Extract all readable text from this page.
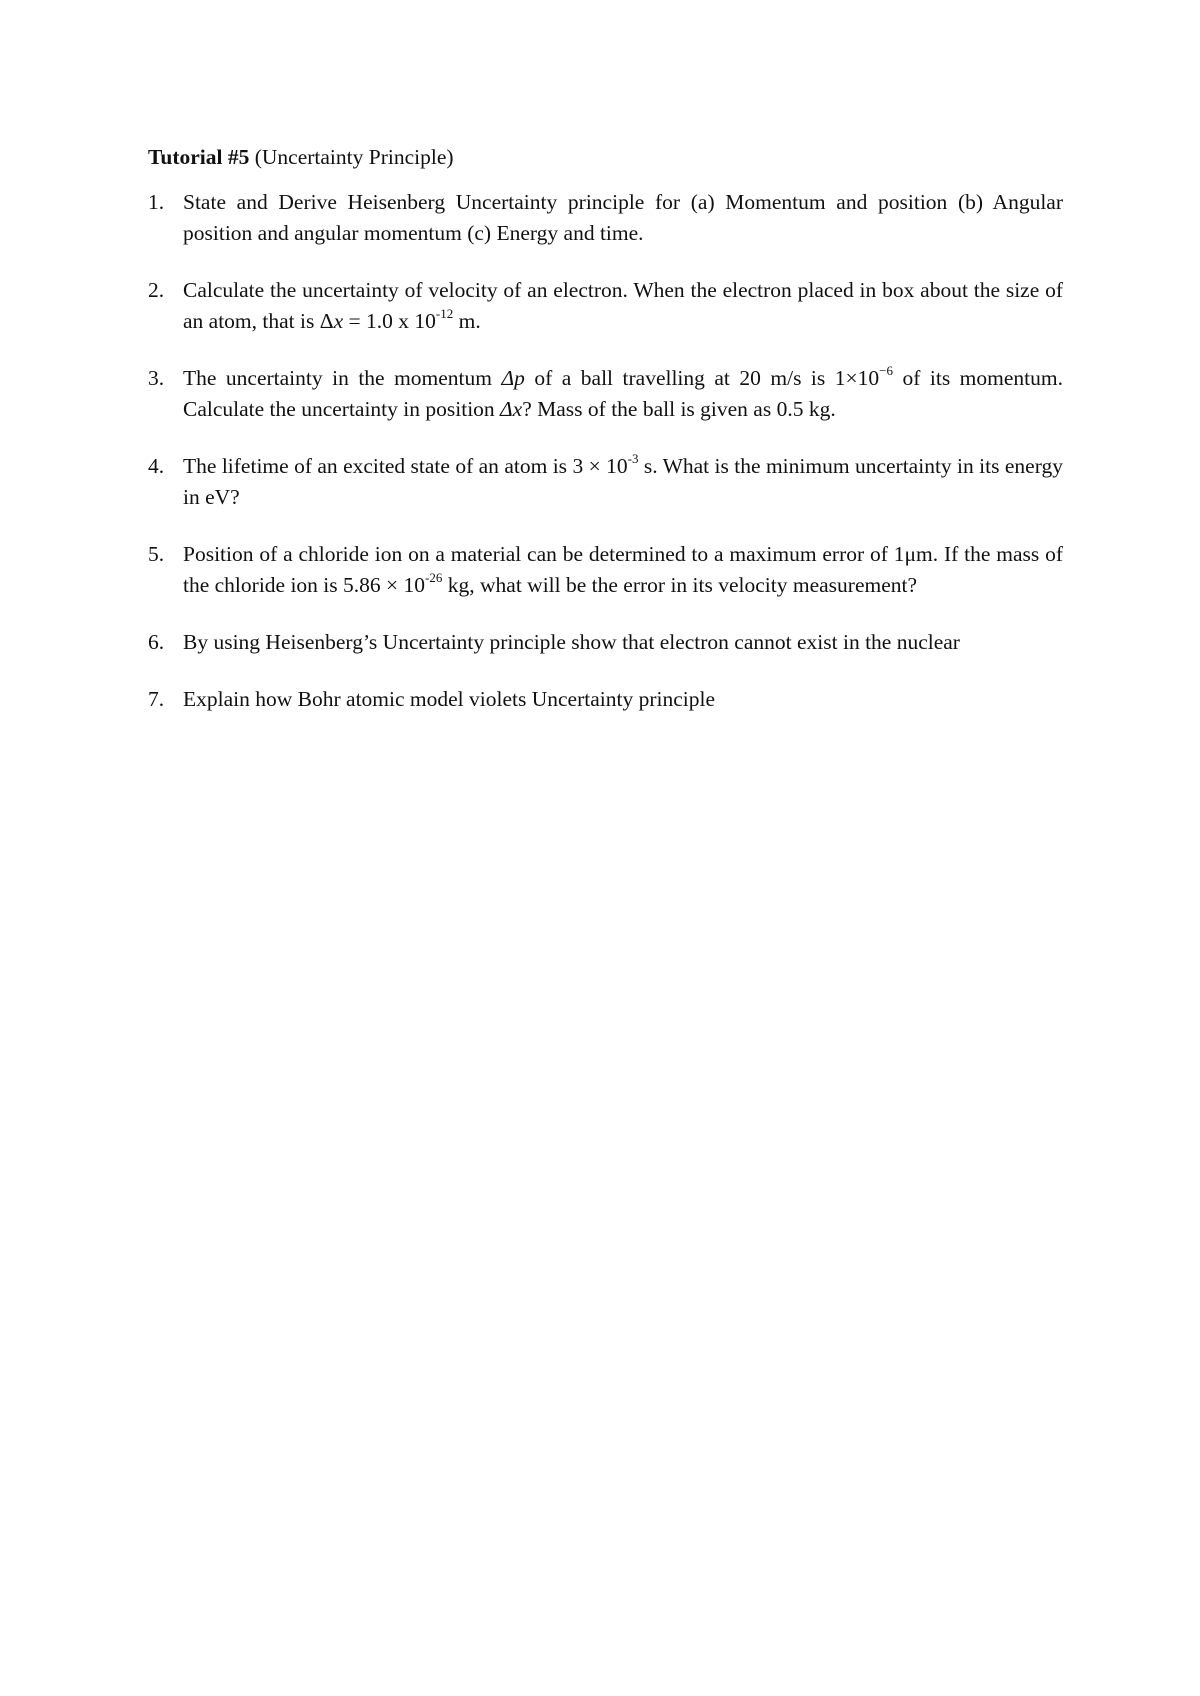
Tutorial #5 (Uncertainty Principle)

1. State and Derive Heisenberg Uncertainty principle for (a) Momentum and position (b) Angular position and angular momentum (c) Energy and time.
2. Calculate the uncertainty of velocity of an electron. When the electron placed in box about the size of an atom, that is Δx = 1.0 x $10^{-12}$ m.
3. The uncertainty in the momentum Δp of a ball travelling at 20 m/s is $1\times 10^{-6}$ of its momentum. Calculate the uncertainty in position Δx? Mass of the ball is given as 0.5 kg.
4. The lifetime of an excited state of an atom is $3 \times 10^{-3}$ s. What is the minimum uncertainty in its energy in eV?
5. Position of a chloride ion on a material can be determined to a maximum error of 1μm. If the mass of the chloride ion is $5.86 \times 10^{-26}$ kg, what will be the error in its velocity measurement?
6. By using Heisenberg’s Uncertainty principle show that electron cannot exist in the nuclear
7. Explain how Bohr atomic model violets Uncertainty principle
